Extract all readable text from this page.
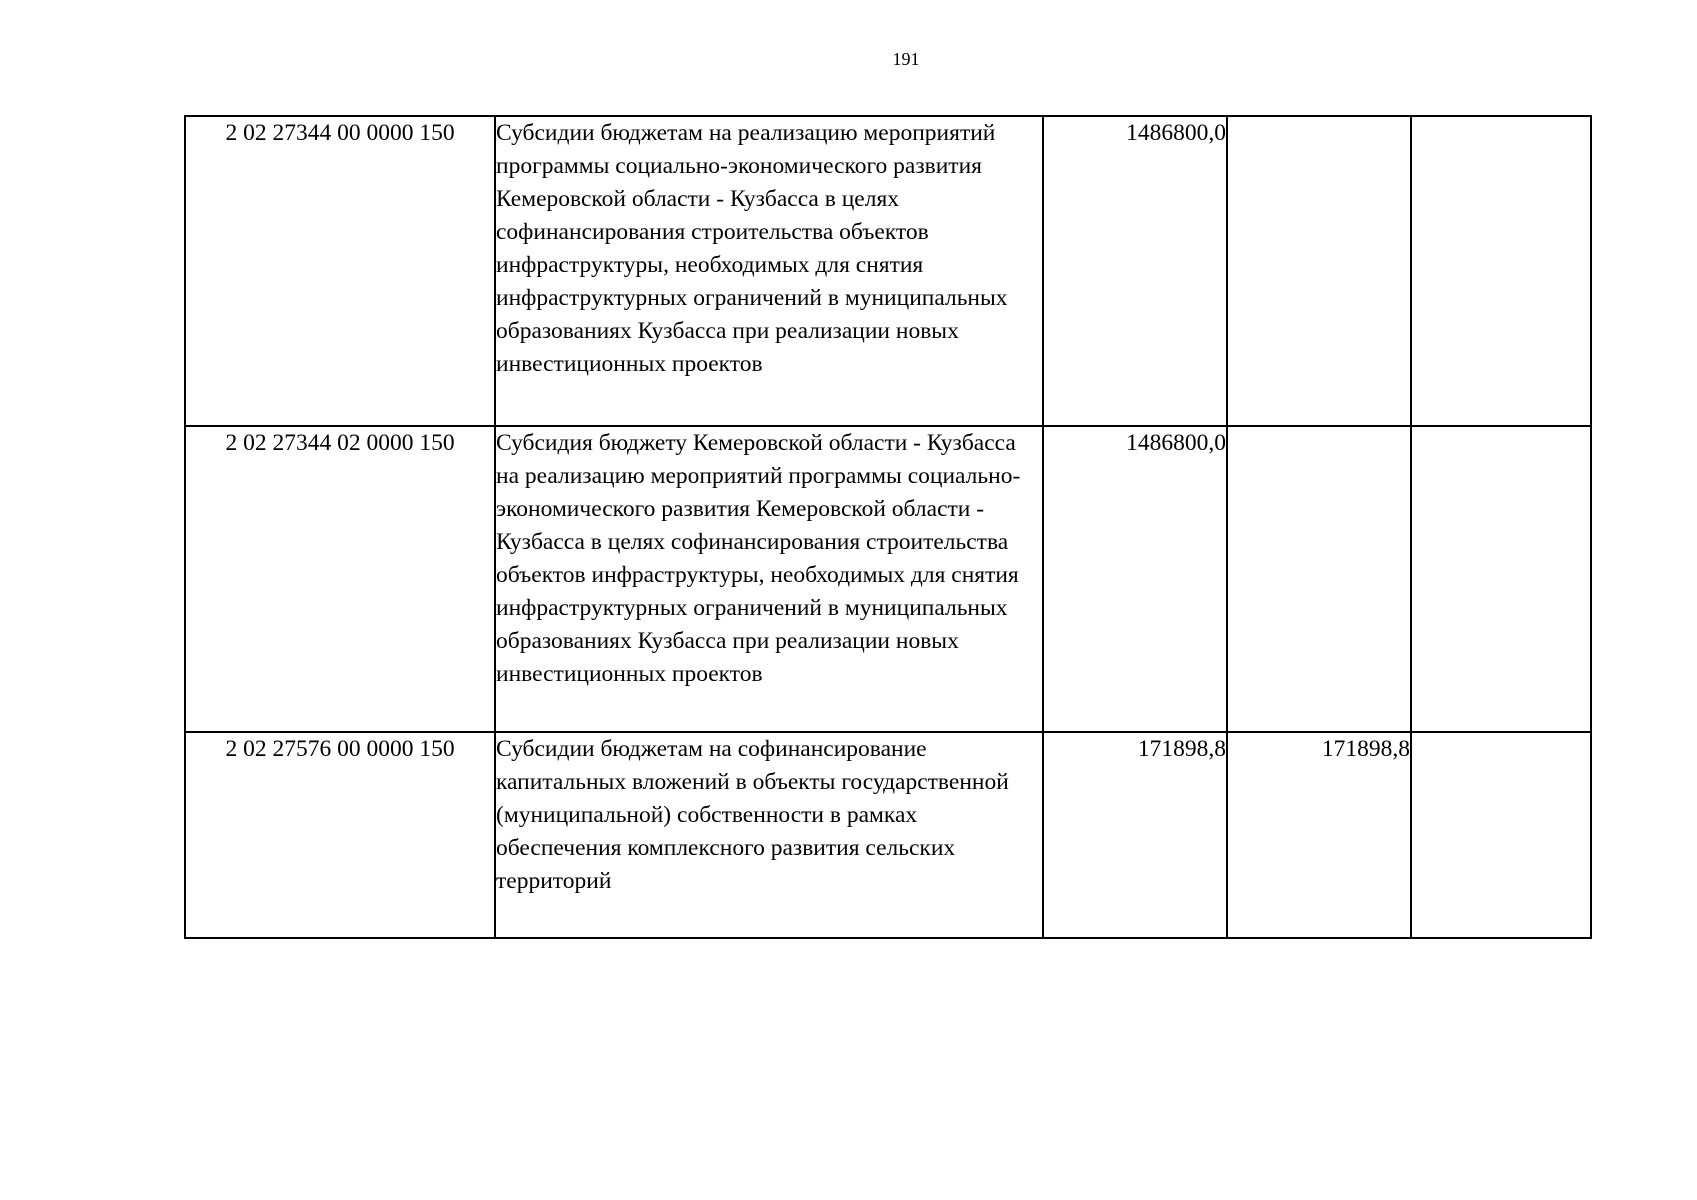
191
2 02 27344 00 0000 150	Субсидии бюджетам на реализацию мероприятий программы социально-экономического развития Кемеровской области - Кузбасса в целях софинансирования строительства объектов инфраструктуры, необходимых для снятия инфраструктурных ограничений в муниципальных образованиях Кузбасса при реализации новых инвестиционных проектов	1486800,0		
2 02 27344 02 0000 150	Субсидия бюджету Кемеровской области - Кузбасса на реализацию мероприятий программы социально-экономического развития Кемеровской области - Кузбасса в целях софинансирования строительства объектов инфраструктуры, необходимых для снятия инфраструктурных ограничений в муниципальных образованиях Кузбасса при реализации новых инвестиционных проектов	1486800,0		
2 02 27576 00 0000 150	Субсидии бюджетам на софинансирование капитальных вложений в объекты государственной (муниципальной) собственности в рамках обеспечения комплексного развития сельских территорий	171898,8	171898,8	
